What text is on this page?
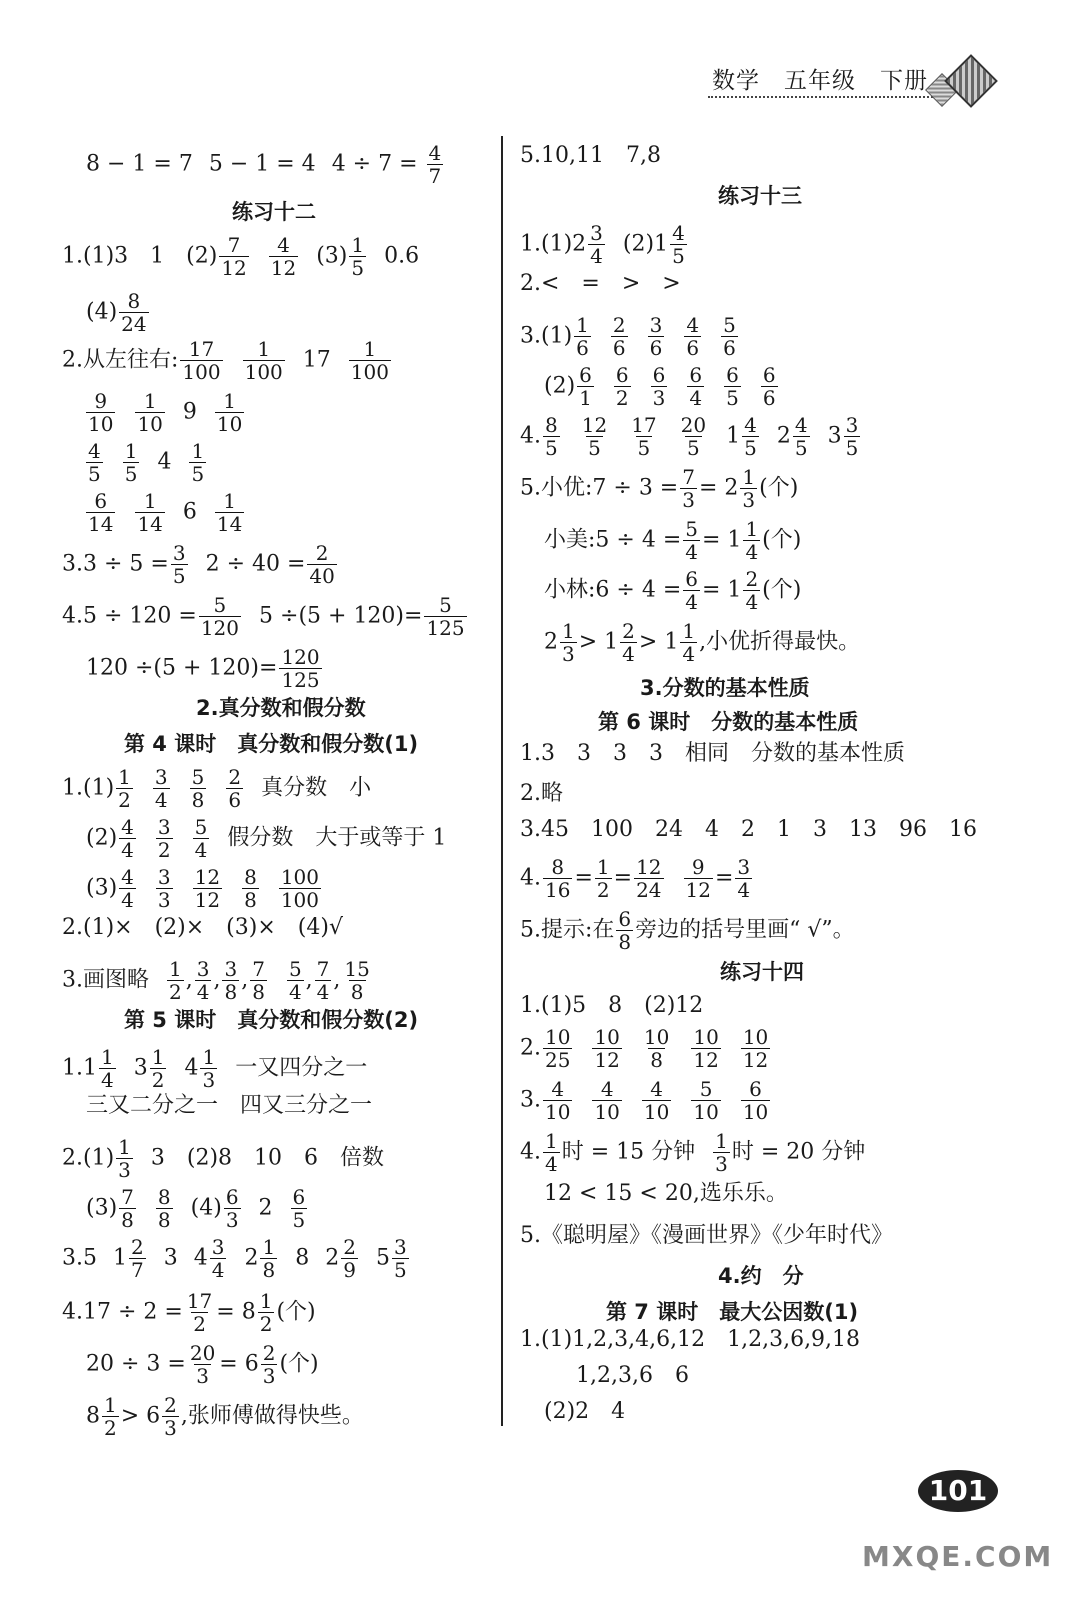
数学 五年级 下册
8 − 1 = 7 5 − 1 = 4 $4 \div 7 = \frac{4}{7}$
练习十二
1.(1)3　1　$(2) \frac{7}{12} \frac{4}{12} (3) \frac{1}{5} 0.6$
$(4) \frac{8}{24}$
2.从左往右: $\frac{17}{100} \frac{1}{100} 17 \frac{1}{100}$
$\frac{9}{10} \frac{1}{10} 9 \frac{1}{10}$
$\frac{4}{5} \frac{1}{5} 4 \frac{1}{5}$
$\frac{6}{14} \frac{1}{14} 6 \frac{1}{14}$
$3.3 \div 5 = \frac{3}{5} 2 \div 40 = \frac{2}{40}$
$4.5 \div 120 = \frac{5}{120} 5 \div(5 + 120)= \frac{5}{125}$
$120 \div(5 + 120)= \frac{120}{125}$
2.真分数和假分数
第 4 课时　真分数和假分数(1)
$1.(1) \frac{1}{2} \frac{3}{4} \frac{5}{8} \frac{2}{6}$ 真分数　小
$(2) \frac{4}{4} \frac{3}{2} \frac{5}{4}$ 假分数　大于或等于 1
$(3) \frac{4}{4} \frac{3}{3} \frac{12}{12} \frac{8}{8} \frac{100}{100}$
2.(1)×　(2)×　(3)×　(4)√
3.画图略 $\frac{1}{2}$ , $\frac{3}{4}$ , $\frac{3}{8}$ , $\frac{7}{8} \frac{5}{4}$ , $\frac{7}{4}$ , $\frac{15}{8}$
第 5 课时　真分数和假分数(2)
$1.1 \frac{1}{4} 3 \frac{1}{2} 4 \frac{1}{3}$ 一又四分之一
三又二分之一　四又三分之一
$2.(1) \frac{1}{3} 3$　(2)8　10　6　倍数
$(3) \frac{7}{8} \frac{8}{8} (4) \frac{6}{3} 2 \frac{6}{5}$
3.5 $1 \frac{2}{7} 3$ $4 \frac{3}{4} 2 \frac{1}{8} 8$ $2 \frac{2}{9} 5 \frac{3}{5}$
$4.17 \div 2 = \frac{17}{2} = 8 \frac{1}{2}$ (个)
$20 \div 3 = \frac{20}{3} = 6 \frac{2}{3}$ (个)
$8 \frac{1}{2} > 6 \frac{2}{3}$ ,张师傅做得快些。
5.10,11　7,8
练习十三
$1.(1)2 \frac{3}{4} (2)1 \frac{4}{5}$
2.<　=　>　>
$3.(1) \frac{1}{6} \frac{2}{6} \frac{3}{6} \frac{4}{6} \frac{5}{6}$
$(2) \frac{6}{1} \frac{6}{2} \frac{6}{3} \frac{6}{4} \frac{6}{5} \frac{6}{6}$
4. $\frac{8}{5} \frac{12}{5} \frac{17}{5} \frac{20}{5} 1 \frac{4}{5} 2 \frac{4}{5} 3 \frac{3}{5}$
5.小优:7 ÷ $3 = \frac{7}{3} = 2 \frac{1}{3}$ (个)
小美:5 ÷ $4 = \frac{5}{4} = 1 \frac{1}{4}$ (个)
小林:6 ÷ $4 = \frac{6}{4} = 1 \frac{2}{4}$ (个)
$2 \frac{1}{3} > 1 \frac{2}{4} > 1 \frac{1}{4}$ ,小优折得最快。
3.分数的基本性质
第 6 课时　分数的基本性质
1.3　3　3　3　相同　分数的基本性质
2.略
3.45　100　24　4　2　1　3　13　96　16
4. $\frac{8}{16} = \frac{1}{2} = \frac{12}{24} \frac{9}{12} = \frac{3}{4}$
5.提示:在 $\frac{6}{8}$ 旁边的括号里画“ √”。
练习十四
1.(1)5　8　(2)12
2. $\frac{10}{25} \frac{10}{12} \frac{10}{8} \frac{10}{12} \frac{10}{12}$
3. $\frac{4}{10} \frac{4}{10} \frac{4}{10} \frac{5}{10} \frac{6}{10}$
4. $\frac{1}{4}$ 时 = 15 分钟 $\frac{1}{3}$ 时 = 20 分钟
12 < 15 < 20,选乐乐。
5.《聪明屋》《漫画世界》《少年时代》
4.约　分
第 7 课时　最大公因数(1)
1.(1)1,2,3,4,6,12　1,2,3,6,9,18
1,2,3,6　6
(2)2　4
101
MXQE.COM
